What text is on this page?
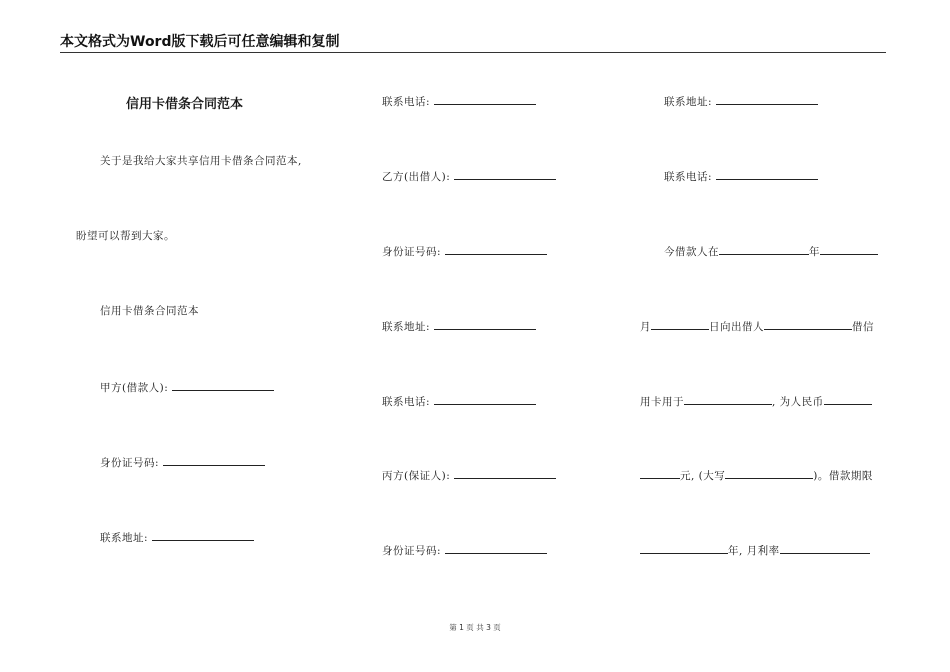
本文格式为Word版下载后可任意编辑和复制
信用卡借条合同范本
关于是我给大家共享信用卡借条合同范本,
盼望可以帮到大家。
信用卡借条合同范本
甲方(借款人):
身份证号码:
联系地址:
联系电话:
乙方(出借人):
身份证号码:
联系地址:
联系电话:
丙方(保证人):
身份证号码:
联系地址:
联系电话:
今借款人在	年
月	日向出借人	借信
用卡用于	, 为人民币
元, (大写	)。借款期限
年, 月利率
第 1 页 共 3 页
